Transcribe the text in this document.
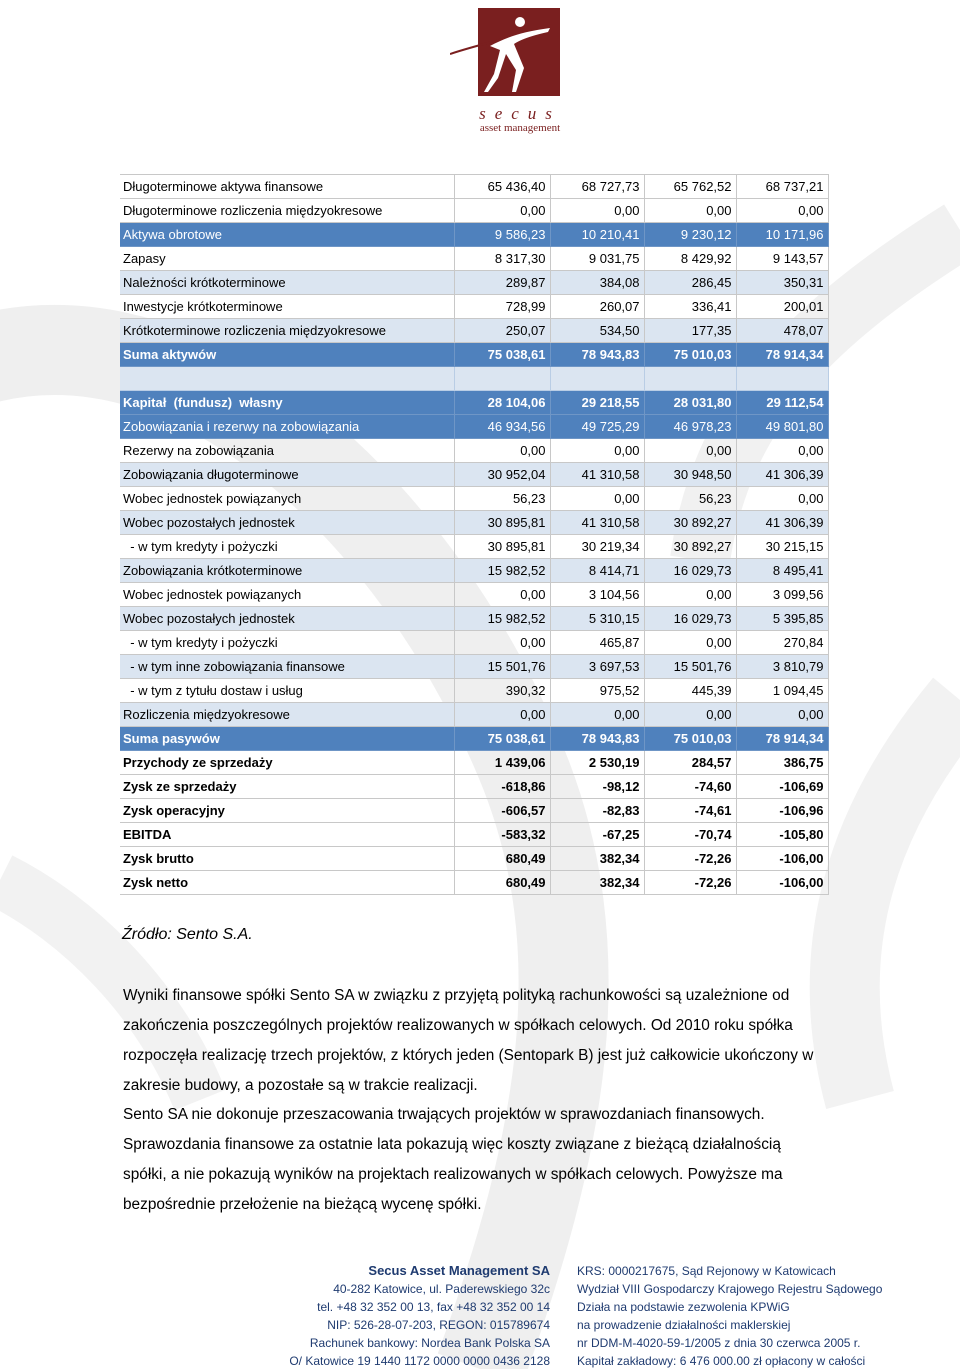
secus
asset management
Długoterminowe aktywa finansowe	65 436,40	68 727,73	65 762,52	68 737,21
Długoterminowe rozliczenia międzyokresowe	0,00	0,00	0,00	0,00
Aktywa obrotowe	9 586,23	10 210,41	9 230,12	10 171,96
Zapasy	8 317,30	9 031,75	8 429,92	9 143,57
Należności krótkoterminowe	289,87	384,08	286,45	350,31
Inwestycje krótkoterminowe	728,99	260,07	336,41	200,01
Krótkoterminowe rozliczenia międzyokresowe	250,07	534,50	177,35	478,07
Suma aktywów	75 038,61	78 943,83	75 010,03	78 914,34

Kapitał  (fundusz)  własny	28 104,06	29 218,55	28 031,80	29 112,54
Zobowiązania i rezerwy na zobowiązania	46 934,56	49 725,29	46 978,23	49 801,80
Rezerwy na zobowiązania	0,00	0,00	0,00	0,00
Zobowiązania długoterminowe	30 952,04	41 310,58	30 948,50	41 306,39
Wobec jednostek powiązanych	56,23	0,00	56,23	0,00
Wobec pozostałych jednostek	30 895,81	41 310,58	30 892,27	41 306,39
- w tym kredyty i pożyczki	30 895,81	30 219,34	30 892,27	30 215,15
Zobowiązania krótkoterminowe	15 982,52	8 414,71	16 029,73	8 495,41
Wobec jednostek powiązanych	0,00	3 104,56	0,00	3 099,56
Wobec pozostałych jednostek	15 982,52	5 310,15	16 029,73	5 395,85
- w tym kredyty i pożyczki	0,00	465,87	0,00	270,84
- w tym inne zobowiązania finansowe	15 501,76	3 697,53	15 501,76	3 810,79
- w tym z tytułu dostaw i usług	390,32	975,52	445,39	1 094,45
Rozliczenia międzyokresowe	0,00	0,00	0,00	0,00
Suma pasywów	75 038,61	78 943,83	75 010,03	78 914,34
Przychody ze sprzedaży	1 439,06	2 530,19	284,57	386,75
Zysk ze sprzedaży	-618,86	-98,12	-74,60	-106,69
Zysk operacyjny	-606,57	-82,83	-74,61	-106,96
EBITDA	-583,32	-67,25	-70,74	-105,80
Zysk brutto	680,49	382,34	-72,26	-106,00
Zysk netto	680,49	382,34	-72,26	-106,00
Źródło: Sento S.A.
Wyniki finansowe spółki Sento SA w związku z przyjętą polityką rachunkowości są uzależnione od
zakończenia poszczególnych projektów realizowanych w spółkach celowych. Od 2010 roku spółka
rozpoczęła realizację trzech projektów, z których jeden (Sentopark B) jest już całkowicie ukończony w
zakresie budowy, a pozostałe są w trakcie realizacji.
Sento SA nie dokonuje przeszacowania trwających projektów w sprawozdaniach finansowych.
Sprawozdania finansowe za ostatnie lata pokazują więc koszty związane z bieżącą działalnością
spółki, a nie pokazują wyników na projektach realizowanych w spółkach celowych. Powyższe ma
bezpośrednie przełożenie na bieżącą wycenę spółki.
Secus Asset Management SA
40-282 Katowice, ul. Paderewskiego 32c
tel. +48 32 352 00 13, fax +48 32 352 00 14
NIP: 526-28-07-203, REGON: 015789674
Rachunek bankowy: Nordea Bank Polska SA
O/ Katowice 19 1440 1172 0000 0000 0436 2128
KRS: 0000217675, Sąd Rejonowy w Katowicach
Wydział VIII Gospodarczy Krajowego Rejestru Sądowego
Działa na podstawie zezwolenia KPWiG
na prowadzenie działalności maklerskiej
nr DDM-M-4020-59-1/2005 z dnia 30 czerwca 2005 r.
Kapitał zakładowy: 6 476 000.00 zł opłacony w całości
